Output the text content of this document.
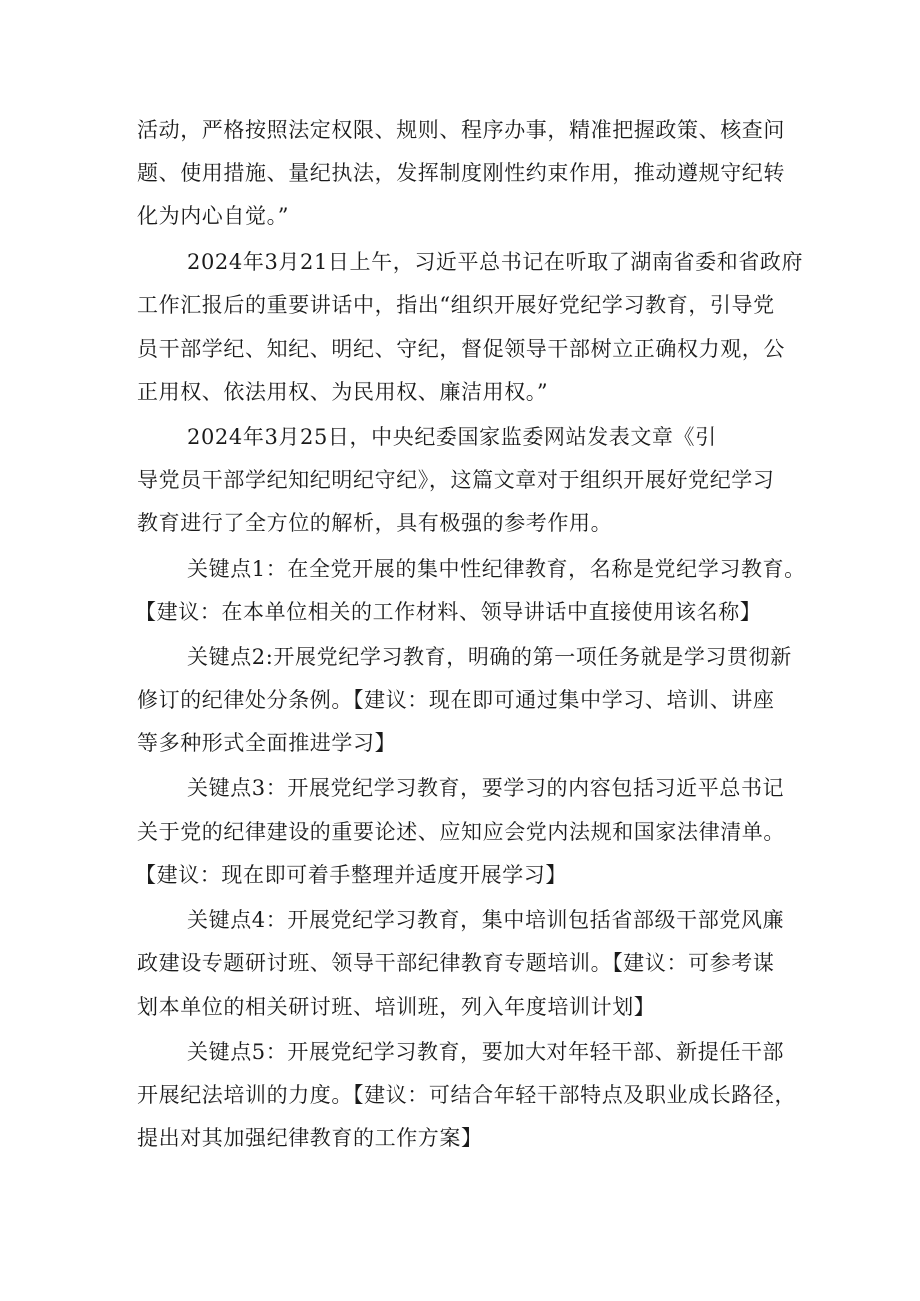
活动，严格按照法定权限、规则、程序办事，精准把握政策、核查问
题、使用措施、量纪执法，发挥制度刚性约束作用，推动遵规守纪转
化为内心自觉。”
2024年3月21日上午，习近平总书记在听取了湖南省委和省政府
工作汇报后的重要讲话中，指出“组织开展好党纪学习教育，引导党
员干部学纪、知纪、明纪、守纪，督促领导干部树立正确权力观，公
正用权、依法用权、为民用权、廉洁用权。”
2024年3月25日，中央纪委国家监委网站发表文章《引
导党员干部学纪知纪明纪守纪》，这篇文章对于组织开展好党纪学习
教育进行了全方位的解析，具有极强的参考作用。
关键点1：在全党开展的集中性纪律教育，名称是党纪学习教育。
【建议：在本单位相关的工作材料、领导讲话中直接使用该名称】
关键点2:开展党纪学习教育，明确的第一项任务就是学习贯彻新
修订的纪律处分条例。【建议：现在即可通过集中学习、培训、讲座
等多种形式全面推进学习】
关键点3：开展党纪学习教育，要学习的内容包括习近平总书记
关于党的纪律建设的重要论述、应知应会党内法规和国家法律清单。
【建议：现在即可着手整理并适度开展学习】
关键点4：开展党纪学习教育，集中培训包括省部级干部党风廉
政建设专题研讨班、领导干部纪律教育专题培训。【建议：可参考谋
划本单位的相关研讨班、培训班，列入年度培训计划】
关键点5：开展党纪学习教育，要加大对年轻干部、新提任干部
开展纪法培训的力度。【建议：可结合年轻干部特点及职业成长路径，
提出对其加强纪律教育的工作方案】
